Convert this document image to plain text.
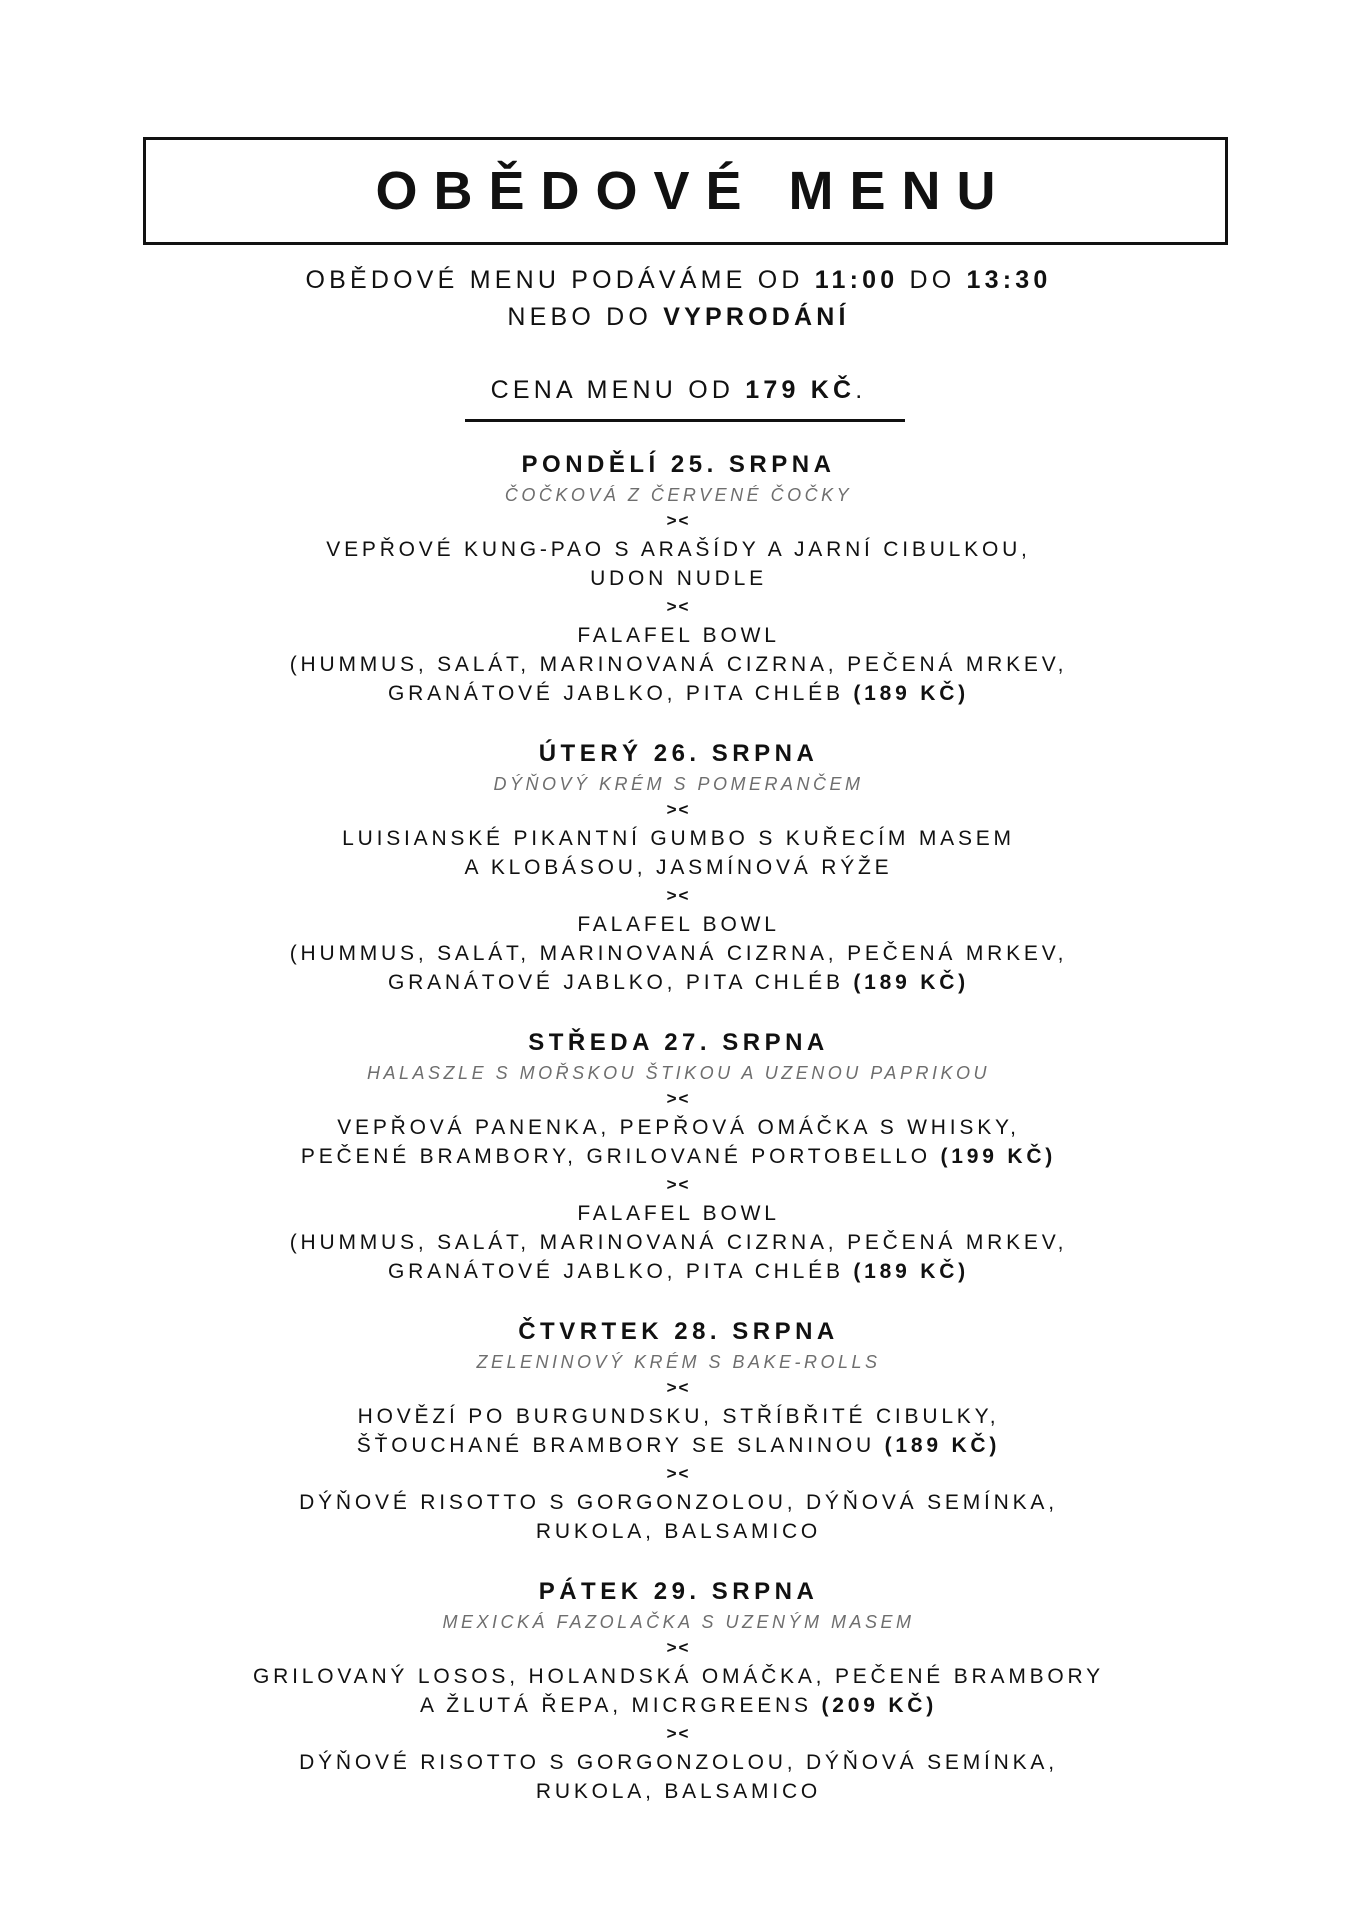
OBĚDOVÉ MENU
OBĚDOVÉ MENU PODÁVÁME OD 11:00 DO 13:30
NEBO DO VYPRODÁNÍ
CENA MENU OD 179 KČ.
PONDĚLÍ 25. SRPNA
ČOČKOVÁ Z ČERVENÉ ČOČKY
><
VEPŘOVÉ KUNG-PAO S ARAŠÍDY A JARNÍ CIBULKOU,
UDON NUDLE
><
FALAFEL BOWL
(HUMMUS, SALÁT, MARINOVANÁ CIZRNA, PEČENÁ MRKEV,
GRANÁTOVÉ JABLKO, PITA CHLÉB (189 KČ)
ÚTERÝ 26. SRPNA
DÝŇOVÝ KRÉM S POMERANČEM
><
LUISIANSKÉ PIKANTNÍ GUMBO S KUŘECÍM MASEM
A KLOBÁSOU, JASMÍNOVÁ RÝŽE
><
FALAFEL BOWL
(HUMMUS, SALÁT, MARINOVANÁ CIZRNA, PEČENÁ MRKEV,
GRANÁTOVÉ JABLKO, PITA CHLÉB (189 KČ)
STŘEDA 27. SRPNA
HALASZLE S MOŘSKOU ŠTIKOU A UZENOU PAPRIKOU
><
VEPŘOVÁ PANENKA, PEPŘOVÁ OMÁČKA S WHISKY,
PEČENÉ BRAMBORY, GRILOVANÉ PORTOBELLO (199 KČ)
><
FALAFEL BOWL
(HUMMUS, SALÁT, MARINOVANÁ CIZRNA, PEČENÁ MRKEV,
GRANÁTOVÉ JABLKO, PITA CHLÉB (189 KČ)
ČTVRTEK 28. SRPNA
ZELENINOVÝ KRÉM S BAKE-ROLLS
><
HOVĚZÍ PO BURGUNDSKU, STŘÍBŘITÉ CIBULKY,
ŠŤOUCHANÉ BRAMBORY SE SLANINOU (189 KČ)
><
DÝŇOVÉ RISOTTO S GORGONZOLOU, DÝŇOVÁ SEMÍNKA,
RUKOLA, BALSAMICO
PÁTEK 29. SRPNA
MEXICKÁ FAZOLAČKA S UZENÝM MASEM
><
GRILOVANÝ LOSOS, HOLANDSKÁ OMÁČKA, PEČENÉ BRAMBORY
A ŽLUTÁ ŘEPA, MICRGREENS (209 KČ)
><
DÝŇOVÉ RISOTTO S GORGONZOLOU, DÝŇOVÁ SEMÍNKA,
RUKOLA, BALSAMICO
